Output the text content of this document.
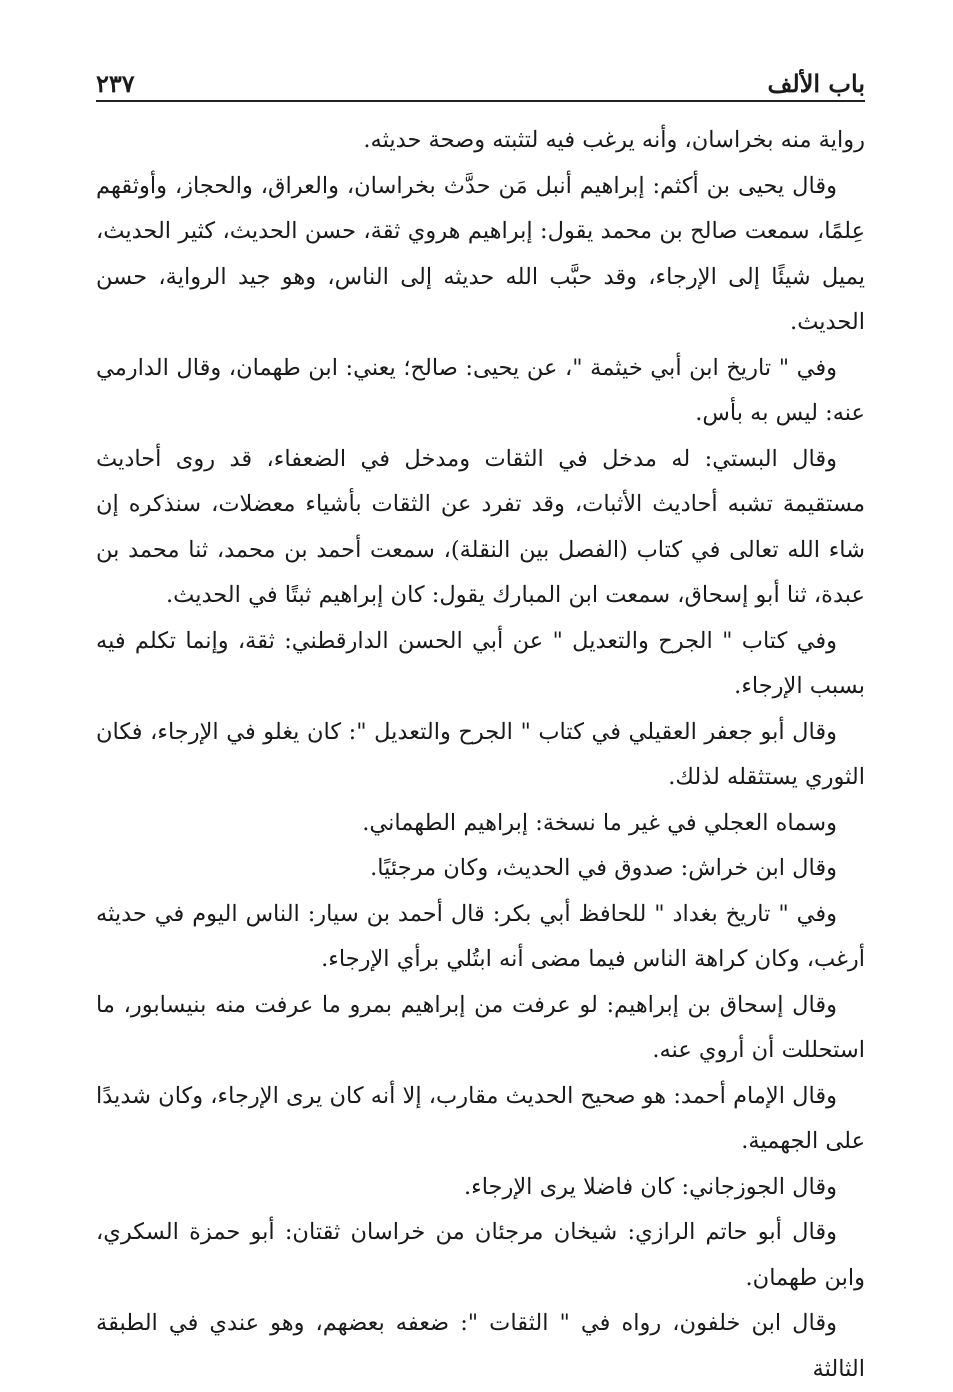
باب الألف
٢٣٧

رواية منه بخراسان، وأنه يرغب فيه لتثبته وصحة حديثه.

وقال يحيى بن أكثم: إبراهيم أنبل مَن حدَّث بخراسان، والعراق، والحجاز، وأوثقهم عِلمًا، سمعت صالح بن محمد يقول: إبراهيم هروي ثقة، حسن الحديث، كثير الحديث، يميل شيئًا إلى الإرجاء، وقد حبَّب الله حديثه إلى الناس، وهو جيد الرواية، حسن الحديث.

وفي " تاريخ ابن أبي خيثمة "، عن يحيى: صالح؛ يعني: ابن طهمان، وقال الدارمي عنه: ليس به بأس.

وقال البستي: له مدخل في الثقات ومدخل في الضعفاء، قد روى أحاديث مستقيمة تشبه أحاديث الأثبات، وقد تفرد عن الثقات بأشياء معضلات، سنذكره إن شاء الله تعالى في كتاب (الفصل بين النقلة)، سمعت أحمد بن محمد، ثنا محمد بن عبدة، ثنا أبو إسحاق، سمعت ابن المبارك يقول: كان إبراهيم ثبتًا في الحديث.

وفي كتاب " الجرح والتعديل " عن أبي الحسن الدارقطني: ثقة، وإنما تكلم فيه بسبب الإرجاء.

وقال أبو جعفر العقيلي في كتاب " الجرح والتعديل ": كان يغلو في الإرجاء، فكان الثوري يستثقله لذلك.

وسماه العجلي في غير ما نسخة: إبراهيم الطهماني.

وقال ابن خراش: صدوق في الحديث، وكان مرجئيًا.

وفي " تاريخ بغداد " للحافظ أبي بكر: قال أحمد بن سيار: الناس اليوم في حديثه أرغب، وكان كراهة الناس فيما مضى أنه ابتُلي برأي الإرجاء.

وقال إسحاق بن إبراهيم: لو عرفت من إبراهيم بمرو ما عرفت منه بنيسابور، ما استحللت أن أروي عنه.

وقال الإمام أحمد: هو صحيح الحديث مقارب، إلا أنه كان يرى الإرجاء، وكان شديدًا على الجهمية.

وقال الجوزجاني: كان فاضلا يرى الإرجاء.

وقال أبو حاتم الرازي: شيخان مرجئان من خراسان ثقتان: أبو حمزة السكري، وابن طهمان.

وقال ابن خلفون، رواه في " الثقات ": ضعفه بعضهم، وهو عندي في الطبقة الثالثة
